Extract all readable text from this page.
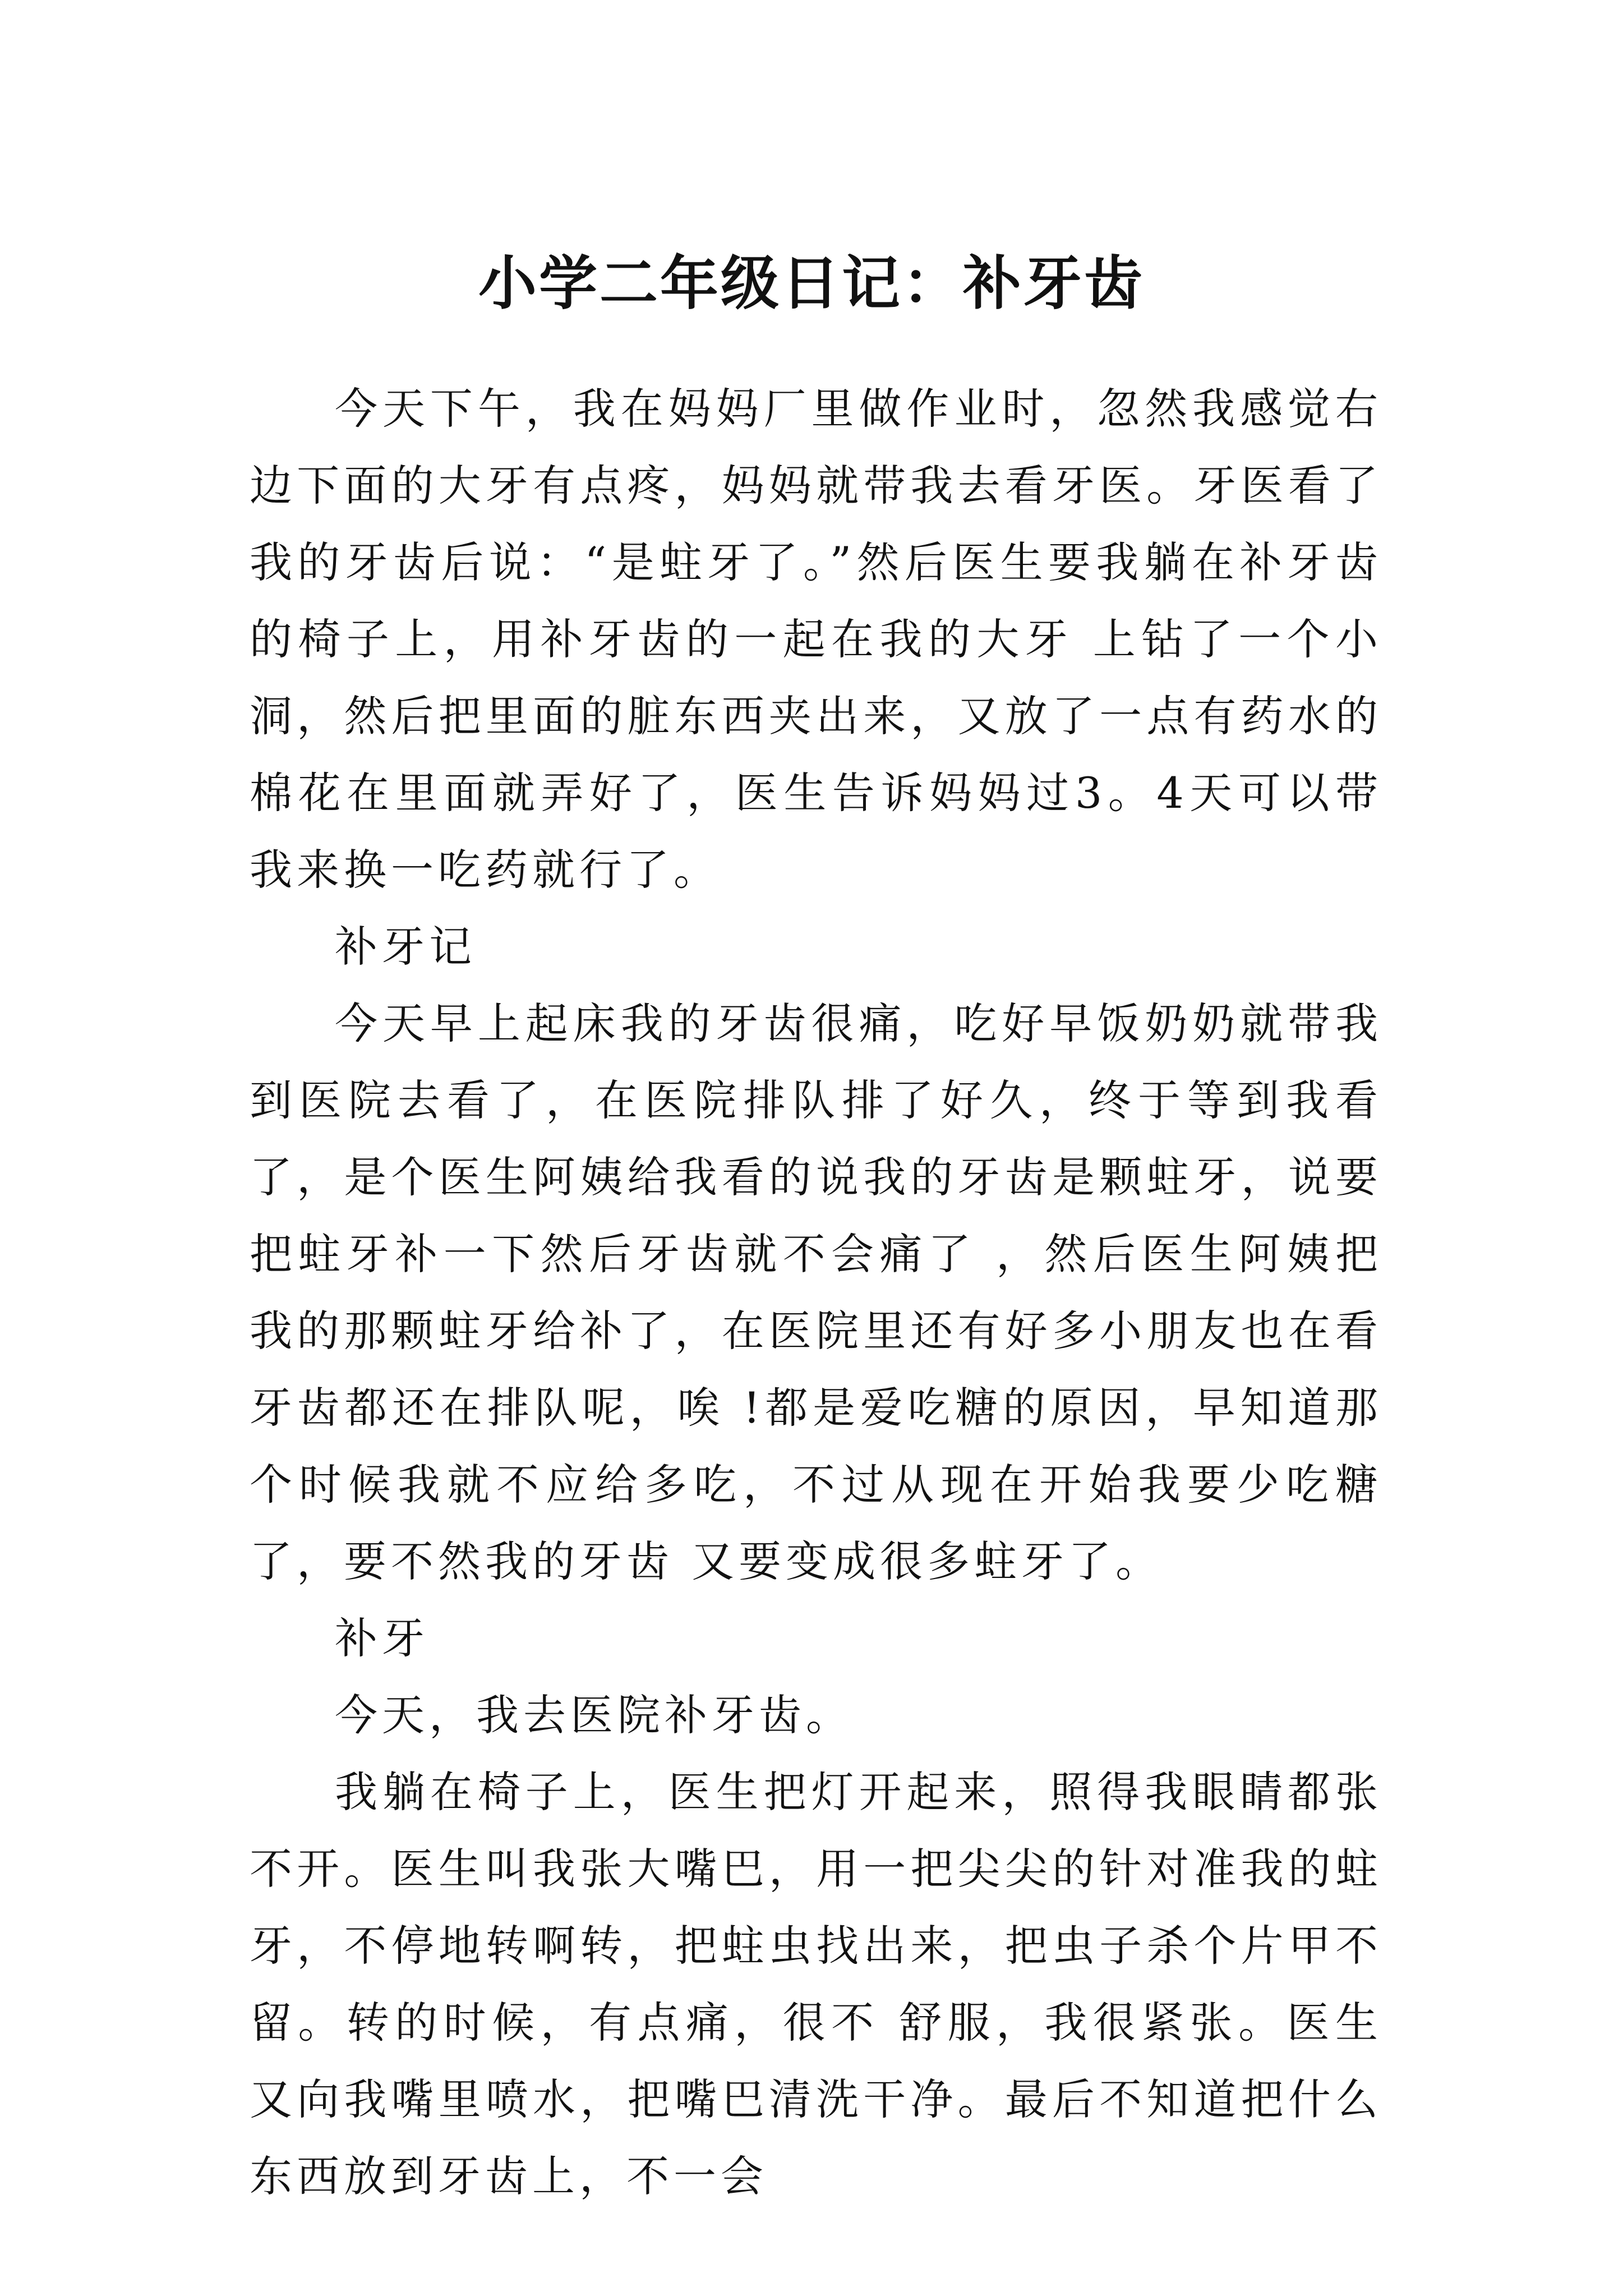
小学二年级日记：补牙齿

今天下午，我在妈妈厂里做作业时，忽然我感觉右边下面的大牙有点疼，妈妈就带我去看牙医。牙医看了我的牙齿后说：“是蛀牙了。”然后医生要我躺在补牙齿的椅子上，用补牙齿的一起在我的大牙 上钻了一个小洞，然后把里面的脏东西夹出来，又放了一点有药水的棉花在里面就弄好了，医生告诉妈妈过3。4天可以带我来换一吃药就行了。

补牙记

今天早上起床我的牙齿很痛，吃好早饭奶奶就带我到医院去看了，在医院排队排了好久，终于等到我看了，是个医生阿姨给我看的说我的牙齿是颗蛀牙，说要把蛀牙补一下然后牙齿就不会痛了 ，然后医生阿姨把我的那颗蛀牙给补了，在医院里还有好多小朋友也在看牙齿都还在排队呢，唉 !都是爱吃糖的原因，早知道那个时候我就不应给多吃，不过从现在开始我要少吃糖了，要不然我的牙齿 又要变成很多蛀牙了。

补牙

今天，我去医院补牙齿。

我躺在椅子上，医生把灯开起来，照得我眼睛都张不开。医生叫我张大嘴巴，用一把尖尖的针对准我的蛀牙，不停地转啊转，把蛀虫找出来，把虫子杀个片甲不留。转的时候，有点痛，很不 舒服，我很紧张。医生又向我嘴里喷水，把嘴巴清洗干净。最后不知道把什么东西放到牙齿上，不一会
